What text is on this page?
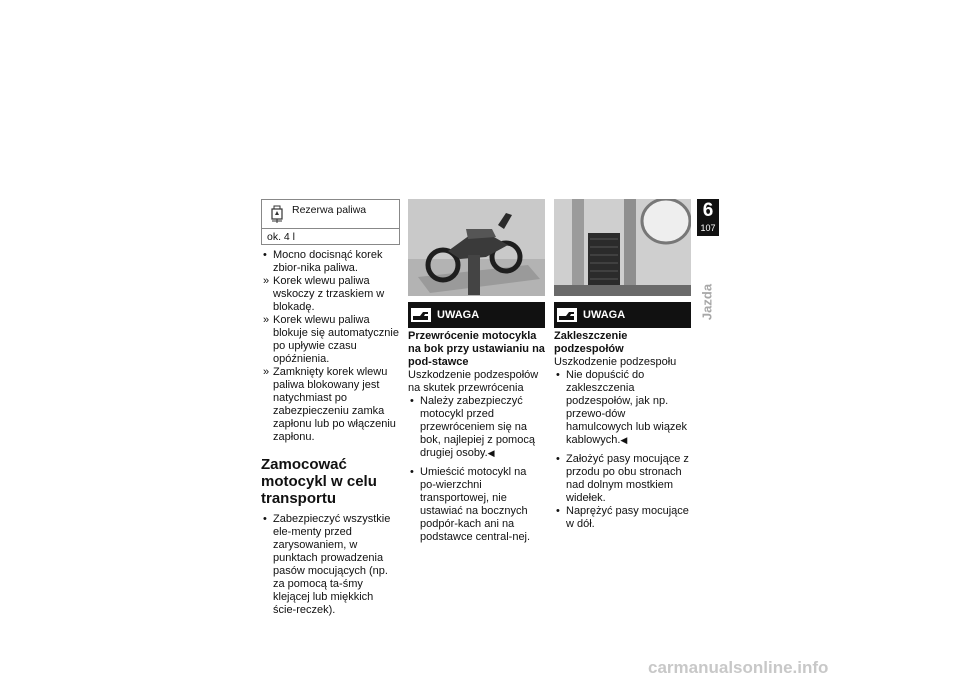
Rezerwa paliwa
ok. 4 l
• Mocno docisnąć korek zbior-nika paliwa.
» Korek wlewu paliwa wskoczy z trzaskiem w blokadę.
» Korek wlewu paliwa blokuje się automatycznie po upływie czasu opóźnienia.
» Zamknięty korek wlewu paliwa blokowany jest natychmiast po zabezpieczeniu zamka zapłonu lub po włączeniu zapłonu.
Zamocować motocykl w celu transportu
• Zabezpieczyć wszystkie ele-menty przed zarysowaniem, w punktach prowadzenia pasów mocujących (np. za pomocą ta-śmy klejącej lub miękkich ście-reczek).
UWAGA
Przewrócenie motocykla na bok przy ustawianiu na pod-stawce
Uszkodzenie podzespołów na skutek przewrócenia
• Należy zabezpieczyć motocykl przed przewróceniem się na bok, najlepiej z pomocą drugiej osoby.◀
• Umieścić motocykl na po-wierzchni transportowej, nie ustawiać na bocznych podpór-kach ani na podstawce central-nej.
UWAGA
Zakleszczenie podzespołów
Uszkodzenie podzespołu
• Nie dopuścić do zakleszczenia podzespołów, jak np. przewo-dów hamulcowych lub wiązek kablowych.◀
• Założyć pasy mocujące z przodu po obu stronach nad dolnym mostkiem widełek.
• Naprężyć pasy mocujące w dół.
6
107
Jazda
carmanualsonline.info
